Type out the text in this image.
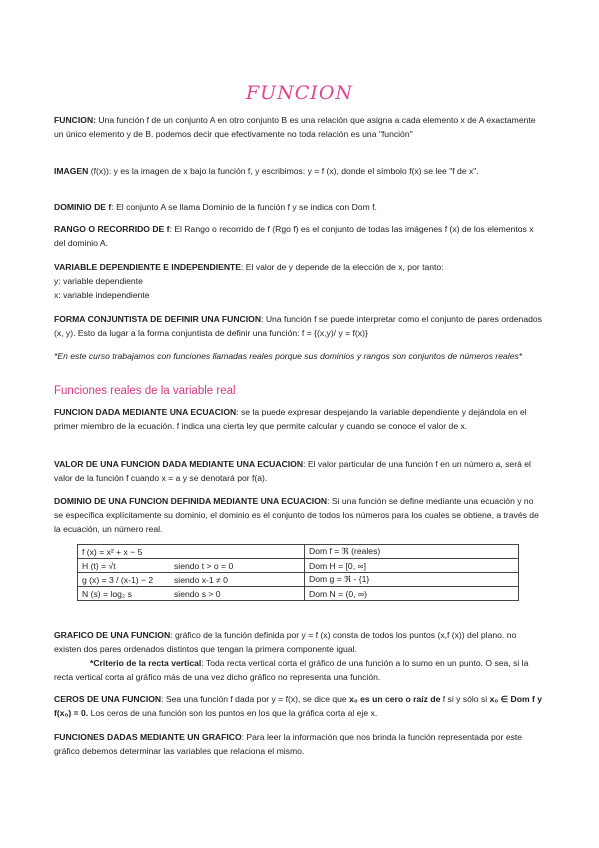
FUNCION

FUNCION: Una función f de un conjunto A en otro conjunto B es una relación que asigna a cada elemento x de A exactamente un único elemento y de B. podemos decir que efectivamente no toda relación es una "función"

IMAGEN (f(x)): y es la imagen de x bajo la función f, y escribimos: y = f (x), donde el símbolo f(x) se lee "f de x".

DOMINIO DE f: El conjunto A se llama Dominio de la función f y se indica con Dom f.

RANGO O RECORRIDO DE f: El Rango o recorrido de f (Rgo f) es el conjunto de todas las imágenes f (x) de los elementos x del dominio A.

VARIABLE DEPENDIENTE E INDEPENDIENTE: El valor de y depende de la elección de x, por tanto:
y: variable dependiente
x: variable independiente

FORMA CONJUNTISTA DE DEFINIR UNA FUNCION: Una función f se puede interpretar como el conjunto de pares ordenados (x, y). Esto da lugar a la forma conjuntista de definir una función: f = {(x,y)/ y = f(x)}

*En este curso trabajamos con funciones llamadas reales porque sus dominios y rangos son conjuntos de números reales*

Funciones reales de la variable real

FUNCION DADA MEDIANTE UNA ECUACION: se la puede expresar despejando la variable dependiente y dejándola en el primer miembro de la ecuación. f indica una cierta ley que permite calcular y cuando se conoce el valor de x.

VALOR DE UNA FUNCION DADA MEDIANTE UNA ECUACION: El valor particular de una función f en un número a, será el valor de la función f cuando x = a y se denotará por f(a).

DOMINIO DE UNA FUNCION DEFINIDA MEDIANTE UNA ECUACION: Si una función se define mediante una ecuación y no se especifica explícitamente su dominio, el dominio es el conjunto de todos los números para los cuales se obtiene, a través de la ecuación, un número real.

f (x) = x² + x − 5	Dom f = ℜ (reales)

H (t) = √t siendo t > o = 0	Dom H = [0, ∞]

g (x) = 3 / (x-1) − 2 siendo x-1 ≠ 0	Dom g = ℜ - {1}

N (s) = log₂ s siendo s > 0	Dom N = (0, ∞)

GRAFICO DE UNA FUNCION: gráfico de la función definida por y = f (x) consta de todos los puntos (x,f (x)) del plano. no existen dos pares ordenados distintos que tengan la primera componente igual.

*Criterio de la recta vertical: Toda recta vertical corta el gráfico de una función a lo sumo en un punto. O sea, si la recta vertical corta al gráfico más de una vez dicho gráfico no representa una función.

CEROS DE UNA FUNCION: Sea una función f dada por y = f(x), se dice que x₀ es un cero o raíz de f si y sólo si x₀ ∈ Dom f y f(x₀) = 0. Los ceros de una función son los puntos en los que la gráfica corta al eje x.

FUNCIONES DADAS MEDIANTE UN GRAFICO: Para leer la información que nos brinda la función representada por este gráfico debemos determinar las variables que relaciona el mismo.
